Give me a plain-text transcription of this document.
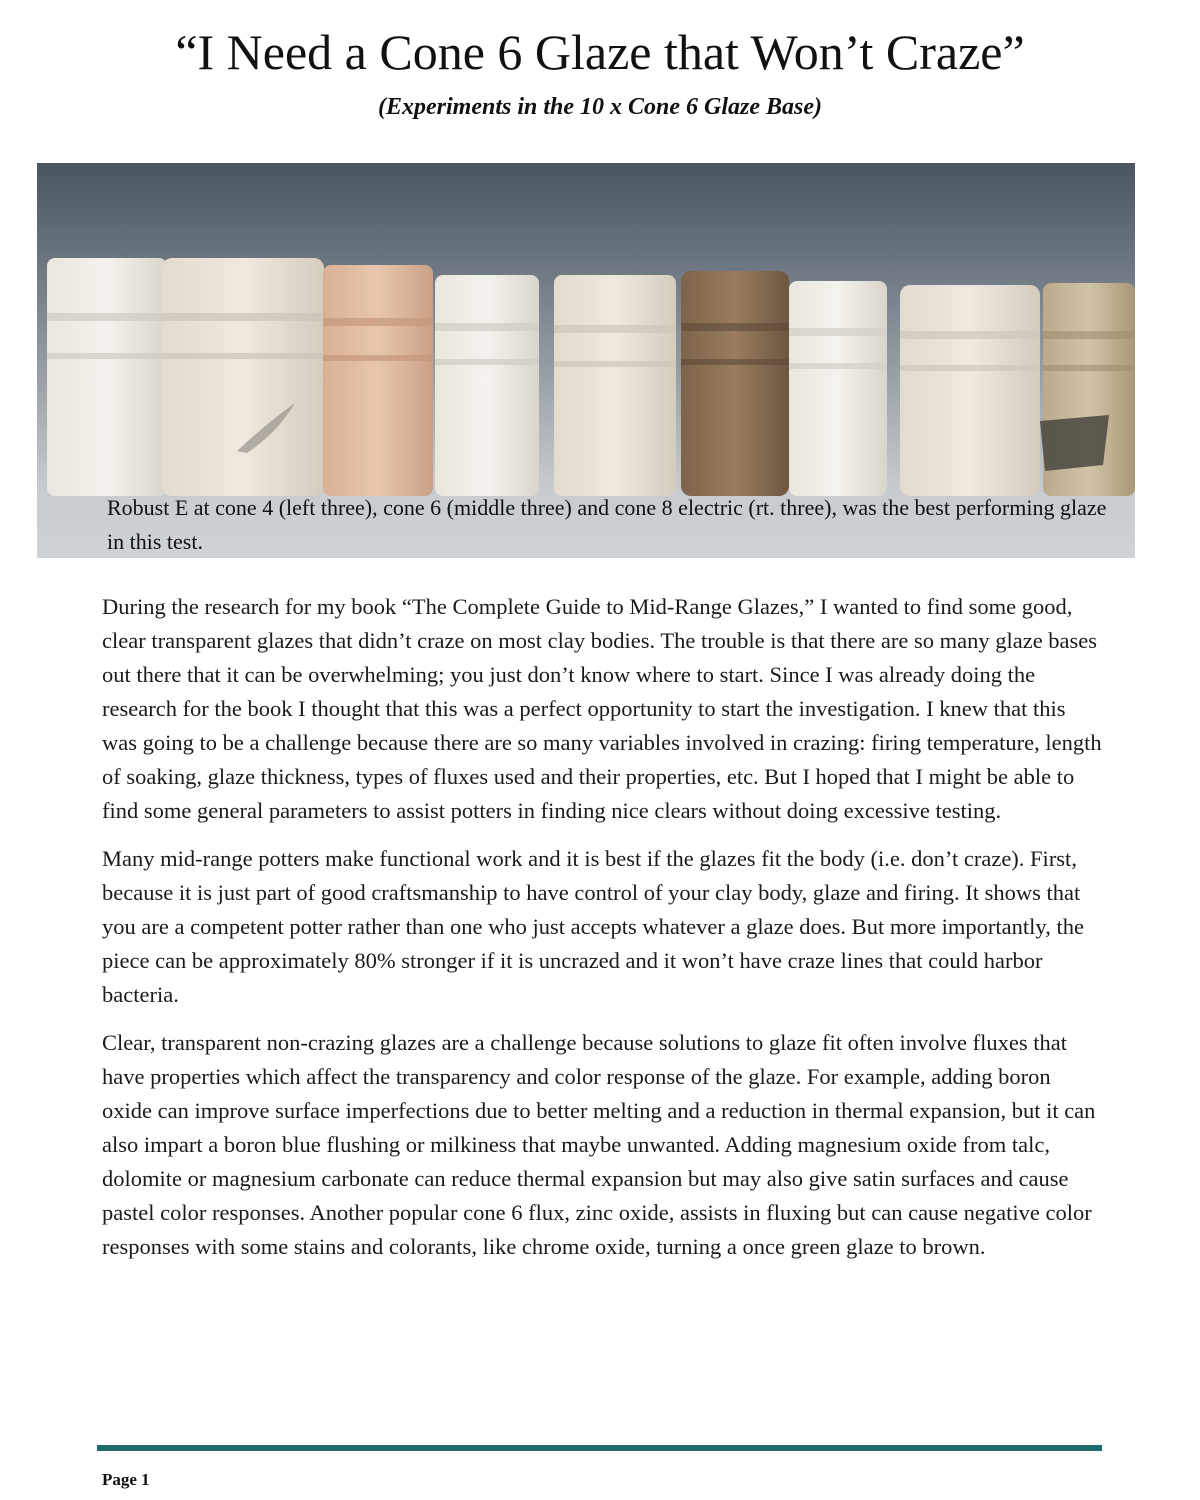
“I Need a Cone 6 Glaze that Won’t Craze”
(Experiments in the 10 x Cone 6 Glaze Base)
Robust E at cone 4 (left three), cone 6 (middle three) and cone 8 electric (rt. three), was the best performing glaze in this test.

During the research for my book “The Complete Guide to Mid-Range Glazes,” I wanted to find some good, clear transparent glazes that didn’t craze on most clay bodies. The trouble is that there are so many glaze bases out there that it can be overwhelming; you just don’t know where to start. Since I was already doing the research for the book I thought that this was a perfect opportunity to start the investigation. I knew that this was going to be a challenge because there are so many variables involved in crazing: firing temperature, length of soaking, glaze thickness, types of fluxes used and their properties, etc. But I hoped that I might be able to find some general parameters to assist potters in finding nice clears without doing excessive testing.

Many mid-range potters make functional work and it is best if the glazes fit the body (i.e. don’t craze). First, because it is just part of good craftsmanship to have control of your clay body, glaze and firing. It shows that you are a competent potter rather than one who just accepts whatever a glaze does. But more importantly, the piece can be approximately 80% stronger if it is uncrazed and it won’t have craze lines that could harbor bacteria.

Clear, transparent non-crazing glazes are a challenge because solutions to glaze fit often involve fluxes that have properties which affect the transparency and color response of the glaze. For example, adding boron oxide can improve surface imperfections due to better melting and a reduction in thermal expansion, but it can also impart a boron blue flushing or milkiness that maybe unwanted. Adding magnesium oxide from talc, dolomite or magnesium carbonate can reduce thermal expansion but may also give satin surfaces and cause pastel color responses. Another popular cone 6 flux, zinc oxide, assists in fluxing but can cause negative color responses with some stains and colorants, like chrome oxide, turning a once green glaze to brown.

Page 1
